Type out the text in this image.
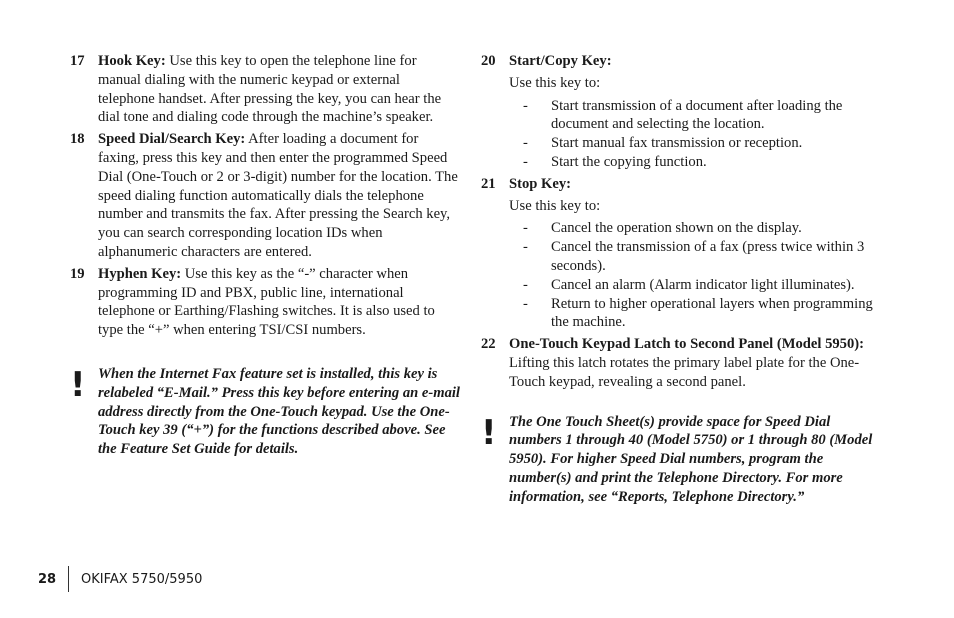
17 Hook Key: Use this key to open the telephone line for manual dialing with the numeric keypad or external telephone handset. After pressing the key, you can hear the dial tone and dialing code through the machine’s speaker.
18 Speed Dial/Search Key: After loading a document for faxing, press this key and then enter the programmed Speed Dial (One-Touch or 2 or 3-digit) number for the location. The speed dialing function automatically dials the telephone number and transmits the fax. After pressing the Search key, you can search corresponding location IDs when alphanumeric characters are entered.
19 Hyphen Key: Use this key as the “-” character when programming ID and PBX, public line, international telephone or Earthing/Flashing switches. It is also used to type the “+” when entering TSI/CSI numbers.
! When the Internet Fax feature set is installed, this key is relabeled “E-Mail.” Press this key before entering an e-mail address directly from the One-Touch keypad. Use the One-Touch key 39 (“+”) for the functions described above. See the Feature Set Guide for details.
20 Start/Copy Key:
Use this key to:
- Start transmission of a document after loading the document and selecting the location.
- Start manual fax transmission or reception.
- Start the copying function.
21 Stop Key:
Use this key to:
- Cancel the operation shown on the display.
- Cancel the transmission of a fax (press twice within 3 seconds).
- Cancel an alarm (Alarm indicator light illuminates).
- Return to higher operational layers when programming the machine.
22 One-Touch Keypad Latch to Second Panel (Model 5950): Lifting this latch rotates the primary label plate for the One-Touch keypad, revealing a second panel.
! The One Touch Sheet(s) provide space for Speed Dial numbers 1 through 40 (Model 5750) or 1 through 80 (Model 5950). For higher Speed Dial numbers, program the number(s) and print the Telephone Directory. For more information, see “Reports, Telephone Directory.”
28	OKIFAX 5750/5950
